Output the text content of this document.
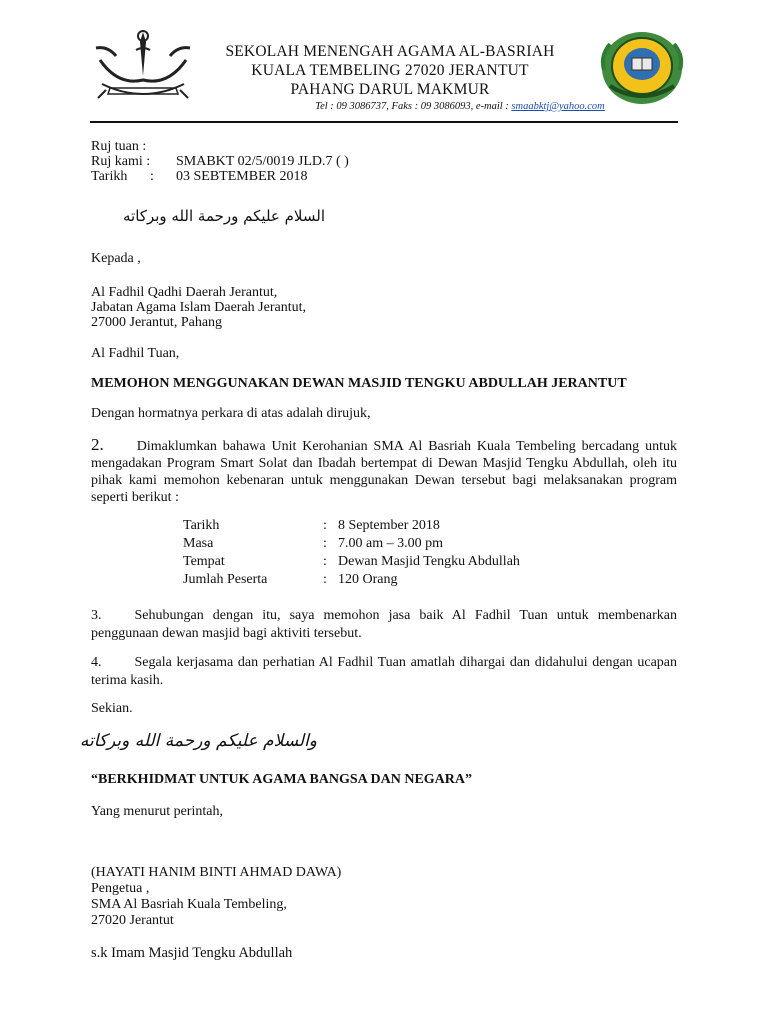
SEKOLAH MENENGAH AGAMA AL-BASRIAH
KUALA TEMBELING 27020 JERANTUT
PAHANG DARUL MAKMUR
Tel : 09 3086737, Faks : 09 3086093, e-mail : smaabktj@yahoo.com
Ruj tuan :
Ruj kami : SMABKT 02/5/0019 JLD.7 ( )
Tarikh : 03 SEBTEMBER 2018
السلام عليكم ورحمة الله وبركاته
Kepada ,
Al Fadhil Qadhi Daerah Jerantut,
Jabatan Agama Islam Daerah Jerantut,
27000 Jerantut, Pahang
Al Fadhil Tuan,
MEMOHON MENGGUNAKAN DEWAN MASJID TENGKU ABDULLAH JERANTUT
Dengan hormatnya perkara di atas adalah dirujuk,
2. Dimaklumkan bahawa Unit Kerohanian SMA Al Basriah Kuala Tembeling bercadang untuk mengadakan Program Smart Solat dan Ibadah bertempat di Dewan Masjid Tengku Abdullah, oleh itu pihak kami memohon kebenaran untuk menggunakan Dewan tersebut bagi melaksanakan program seperti berikut :
Tarikh	: 8 September 2018
Masa	: 7.00 am – 3.00 pm
Tempat	: Dewan Masjid Tengku Abdullah
Jumlah Peserta	: 120 Orang
3. Sehubungan dengan itu, saya memohon jasa baik Al Fadhil Tuan untuk membenarkan penggunaan dewan masjid bagi aktiviti tersebut.
4. Segala kerjasama dan perhatian Al Fadhil Tuan amatlah dihargai dan didahului dengan ucapan terima kasih.
Sekian.
والسلام عليكم ورحمة الله وبركاته
“BERKHIDMAT UNTUK AGAMA BANGSA DAN NEGARA”
Yang menurut perintah,
(HAYATI HANIM BINTI AHMAD DAWA)
Pengetua ,
SMA Al Basriah Kuala Tembeling,
27020 Jerantut
s.k Imam Masjid Tengku Abdullah
